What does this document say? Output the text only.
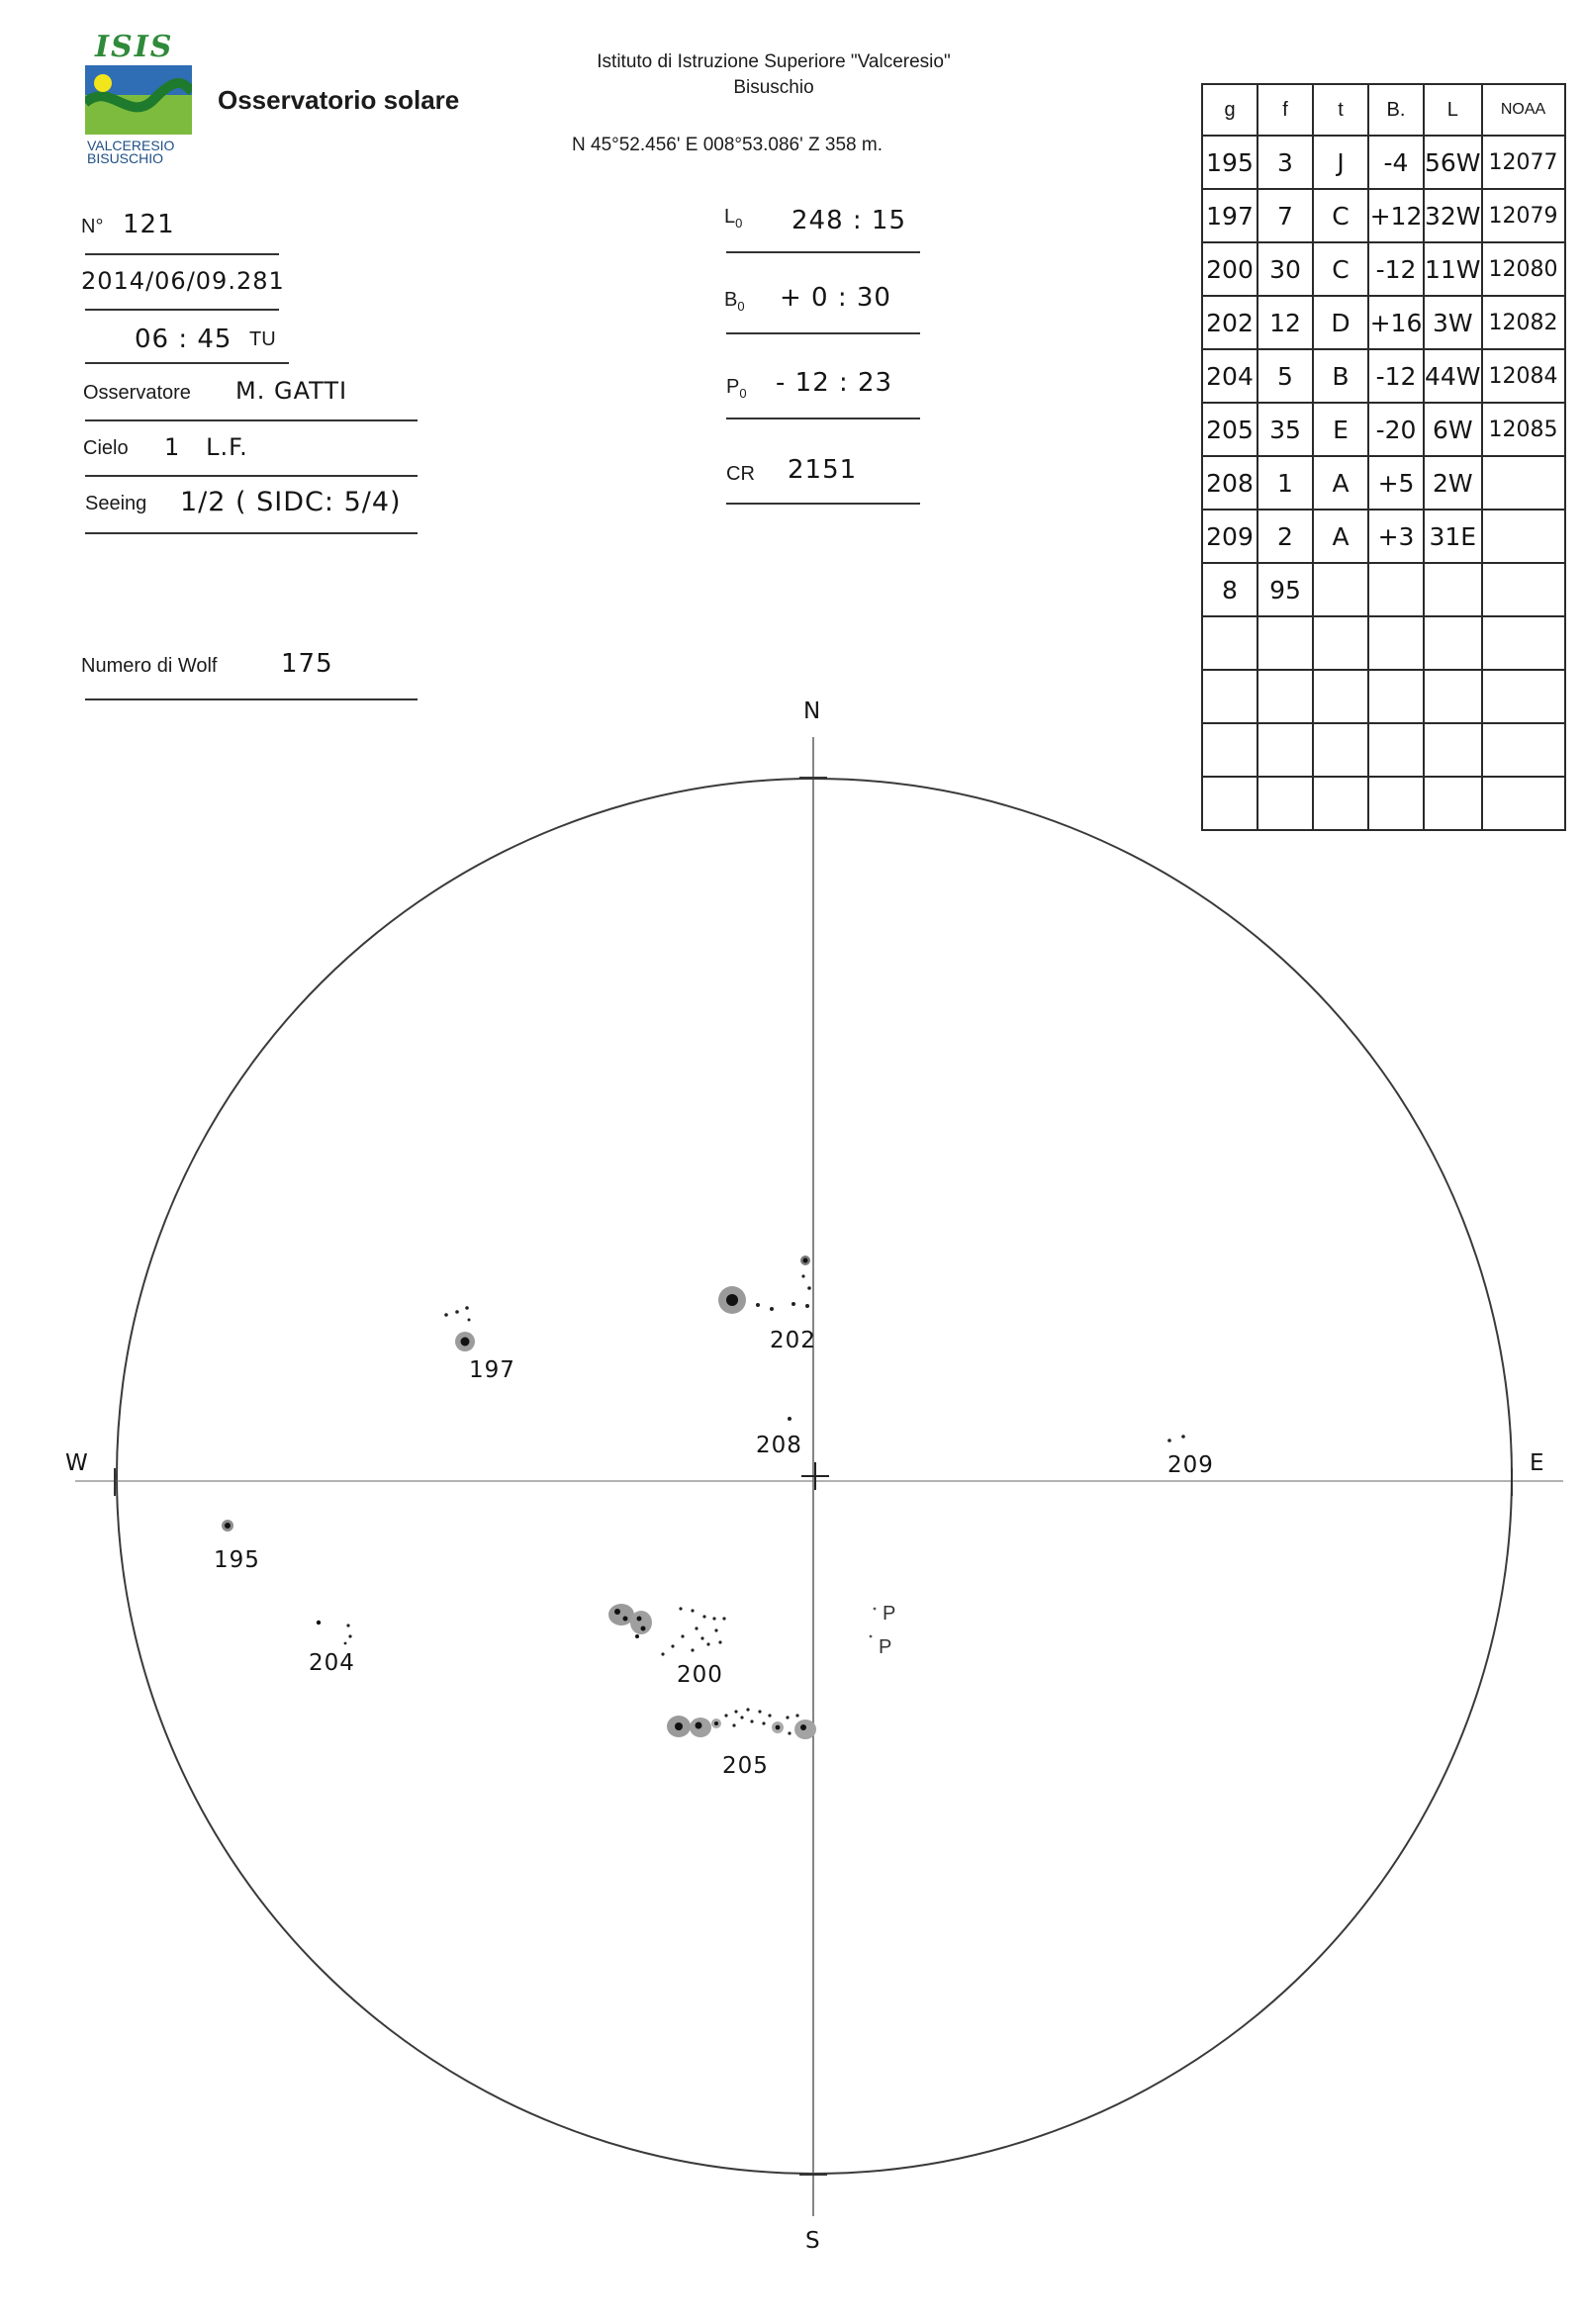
ISIS
VALCERESIO
BISUSCHIO
Osservatorio solare
Istituto di Istruzione Superiore "Valceresio"
Bisuschio
N 45°52.456' E 008°53.086' Z 358 m.
N° 121
2014/06/09.281
06 : 45 TU
Osservatore M. GATTI
Cielo 1   L.F.
Seeing 1/2 ( SIDC: 5/4)
Numero di Wolf 175
$L_0$ 248 : 15
$B_0 + 0$ : 30
$P_0 - 12$ : 23
CR 2151
g	f	t	B.	L	NOAA
195	3	J	-4	56W	12077
197	7	C	+12	32W	12079
200	30	C	-12	11W	12080
202	12	D	+16	3W	12082
204	5	B	-12	44W	12084
205	35	E	-20	6W	12085
208	1	A	+5	2W	
209	2	A	+3	31E	
8	95				

N
S
W	E
202
197
208
209
195
204	200
205
P
P
